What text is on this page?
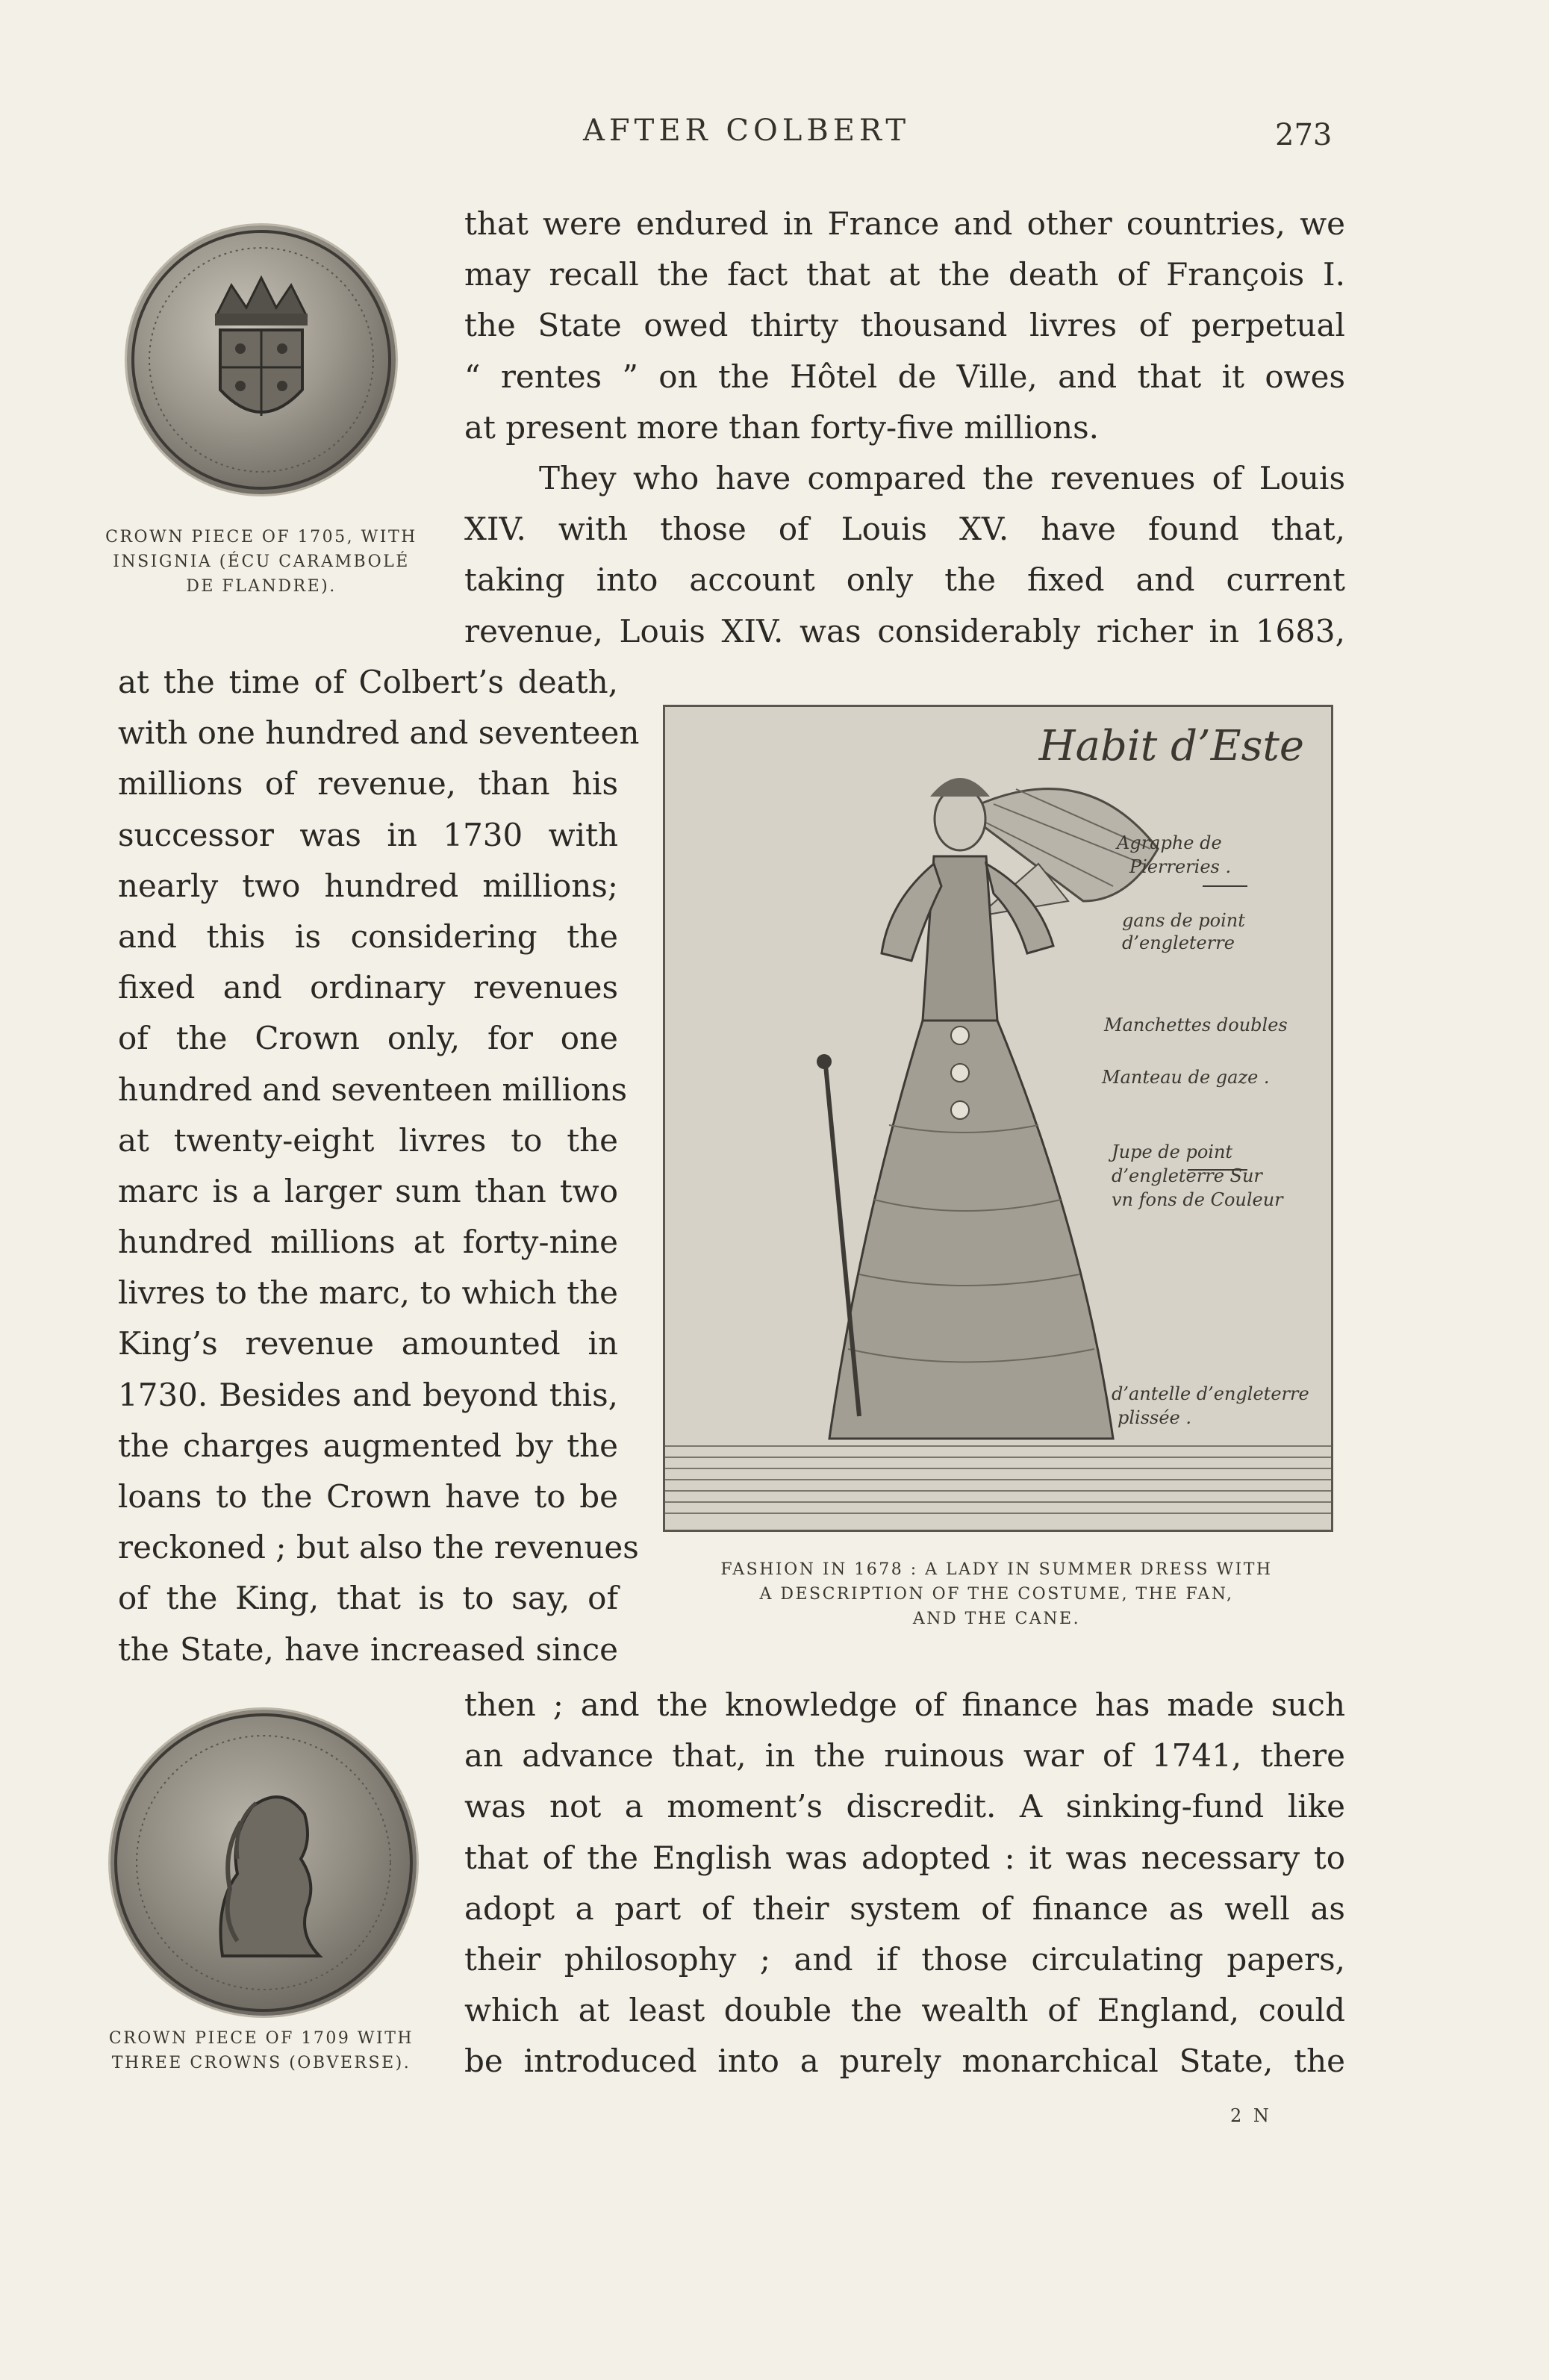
AFTER COLBERT	273
CROWN PIECE OF 1705, WITH
INSIGNIA (ÉCU CARAMBOLÉ
DE FLANDRE).
that were endured in France and other countries, we
may recall the fact that at the death of François I.
the State owed thirty thousand livres of perpetual
“ rentes ” on the Hôtel de Ville, and that it owes
at present more than forty-five millions.
They who have compared the revenues of Louis
XIV. with those of Louis XV. have found that,
taking into account only the fixed and current
revenue, Louis XIV. was considerably richer in 1683,
at the time of Colbert’s death,
with one hundred and seventeen
millions of revenue, than his
successor was in 1730 with
nearly two hundred millions;
and this is considering the
fixed and ordinary revenues
of the Crown only, for one
hundred and seventeen millions
at twenty-eight livres to the
marc is a larger sum than two
hundred millions at forty-nine
livres to the marc, to which the
King’s revenue amounted in
1730. Besides and beyond this,
the charges augmented by the
loans to the Crown have to be
reckoned ; but also the revenues
of the King, that is to say, of
the State, have increased since
Habit d’Este
Agraphe de
Pierreries .
gans de point
d’engleterre
Manchettes doubles
Manteau de gaze .
Jupe de point
d’engleterre Sur
vn fons de Couleur
d’antelle d’engleterre
plissée .
FASHION IN 1678 : A LADY IN SUMMER DRESS WITH
A DESCRIPTION OF THE COSTUME, THE FAN,
AND THE CANE.
then ; and the knowledge of finance has made such
an advance that, in the ruinous war of 1741, there
was not a moment’s discredit. A sinking-fund like
that of the English was adopted : it was necessary to
adopt a part of their system of finance as well as
their philosophy ; and if those circulating papers,
which at least double the wealth of England, could
be introduced into a purely monarchical State, the
CROWN PIECE OF 1709 WITH
THREE CROWNS (OBVERSE).
2 N
